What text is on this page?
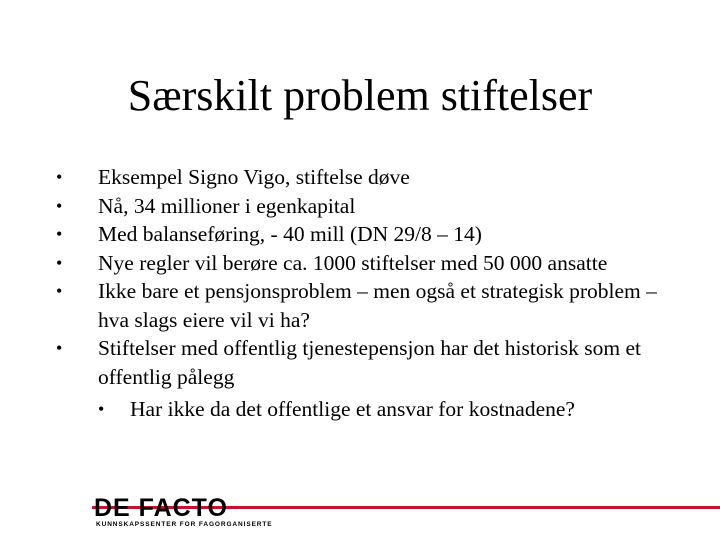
Særskilt problem stiftelser
• Eksempel Signo Vigo, stiftelse døve
• Nå, 34 millioner i egenkapital
• Med balanseføring, - 40 mill (DN 29/8 – 14)
• Nye regler vil berøre ca. 1000 stiftelser med 50 000 ansatte
• Ikke bare et pensjonsproblem – men også et strategisk problem – hva slags eiere vil vi ha?
• Stiftelser med offentlig tjenestepensjon har det historisk som et offentlig pålegg
• Har ikke da det offentlige et ansvar for kostnadene?
DE FACTO
KUNNSKAPSSENTER FOR FAGORGANISERTE
